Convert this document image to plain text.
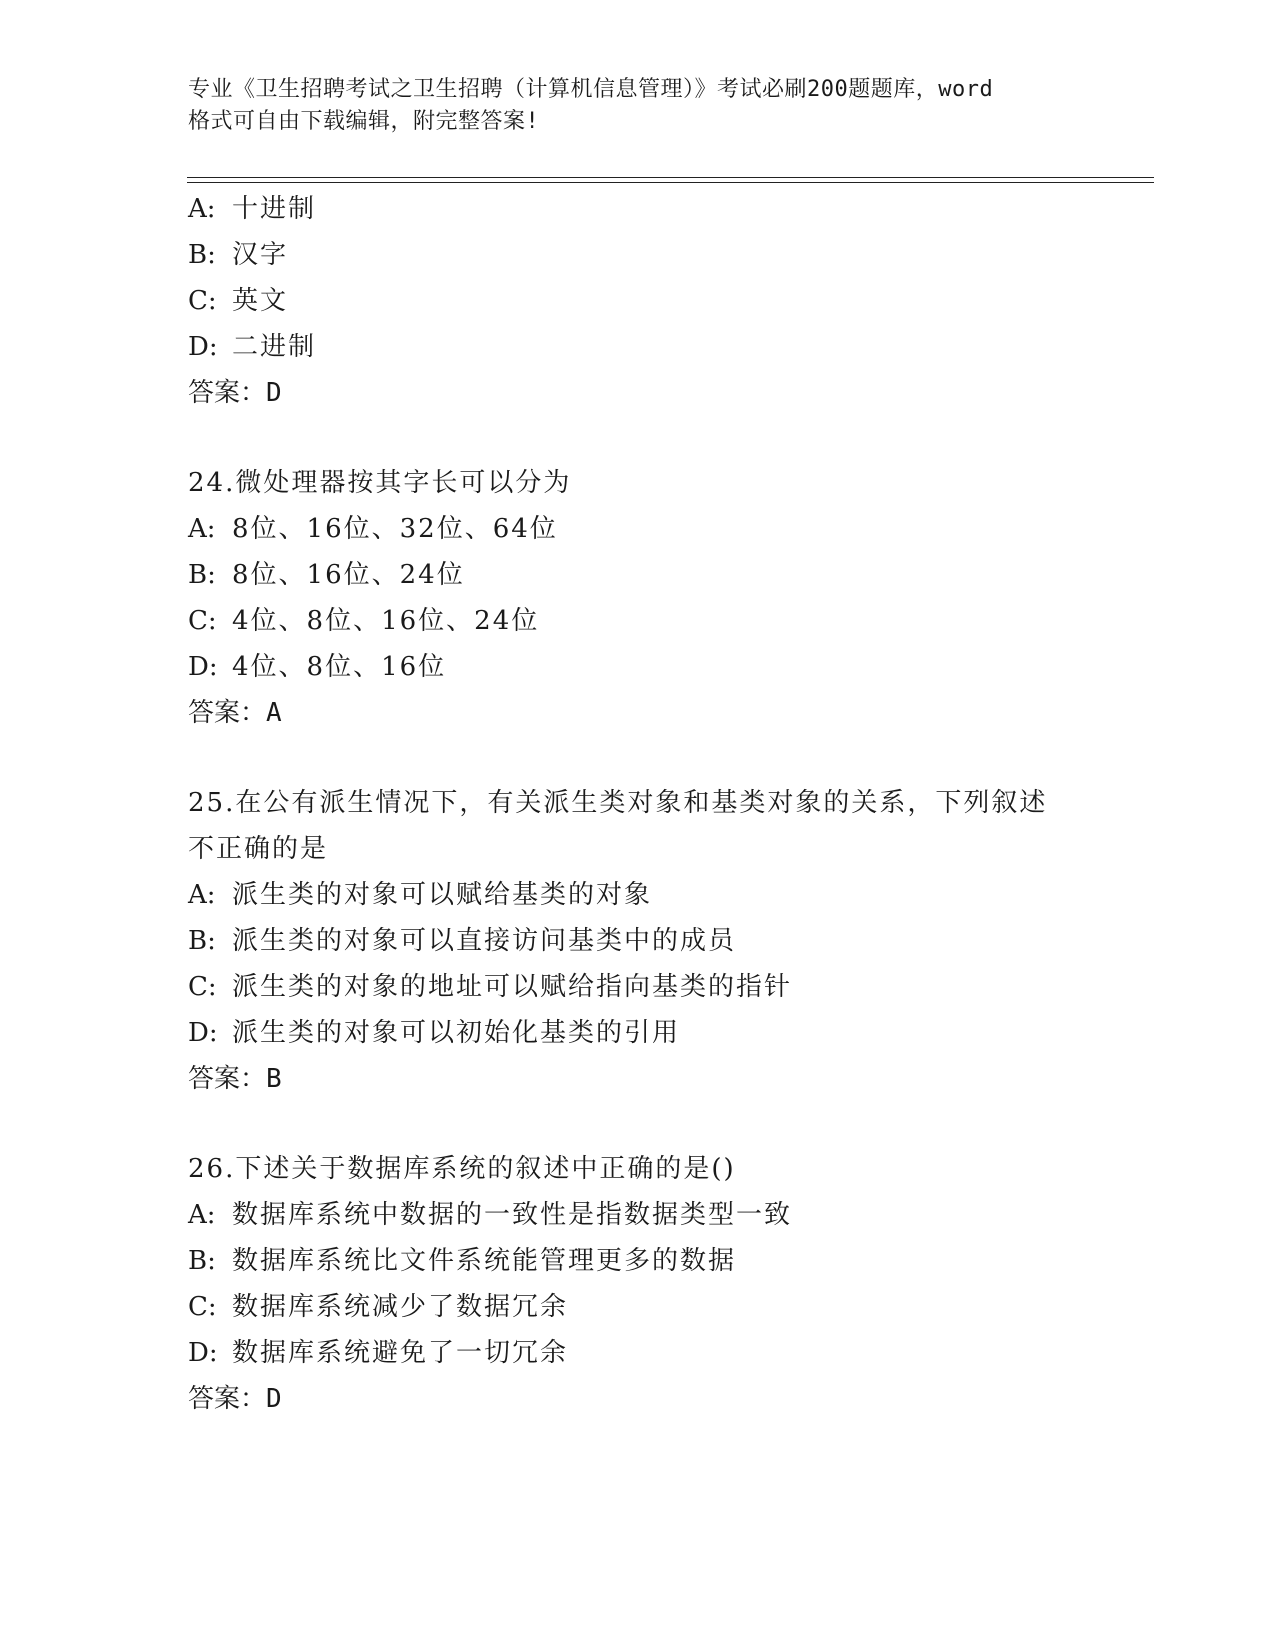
专业《卫生招聘考试之卫生招聘（计算机信息管理）》考试必刷200题题库，word
格式可自由下载编辑，附完整答案!
A: 十进制
B: 汉字
C: 英文
D: 二进制
答案：D
24.微处理器按其字长可以分为
A: 8位、16位、32位、64位
B: 8位、16位、24位
C: 4位、8位、16位、24位
D: 4位、8位、16位
答案：A
25.在公有派生情况下，有关派生类对象和基类对象的关系，下列叙述
不正确的是
A: 派生类的对象可以赋给基类的对象
B: 派生类的对象可以直接访问基类中的成员
C: 派生类的对象的地址可以赋给指向基类的指针
D: 派生类的对象可以初始化基类的引用
答案：B
26.下述关于数据库系统的叙述中正确的是()
A: 数据库系统中数据的一致性是指数据类型一致
B: 数据库系统比文件系统能管理更多的数据
C: 数据库系统减少了数据冗余
D: 数据库系统避免了一切冗余
答案：D
